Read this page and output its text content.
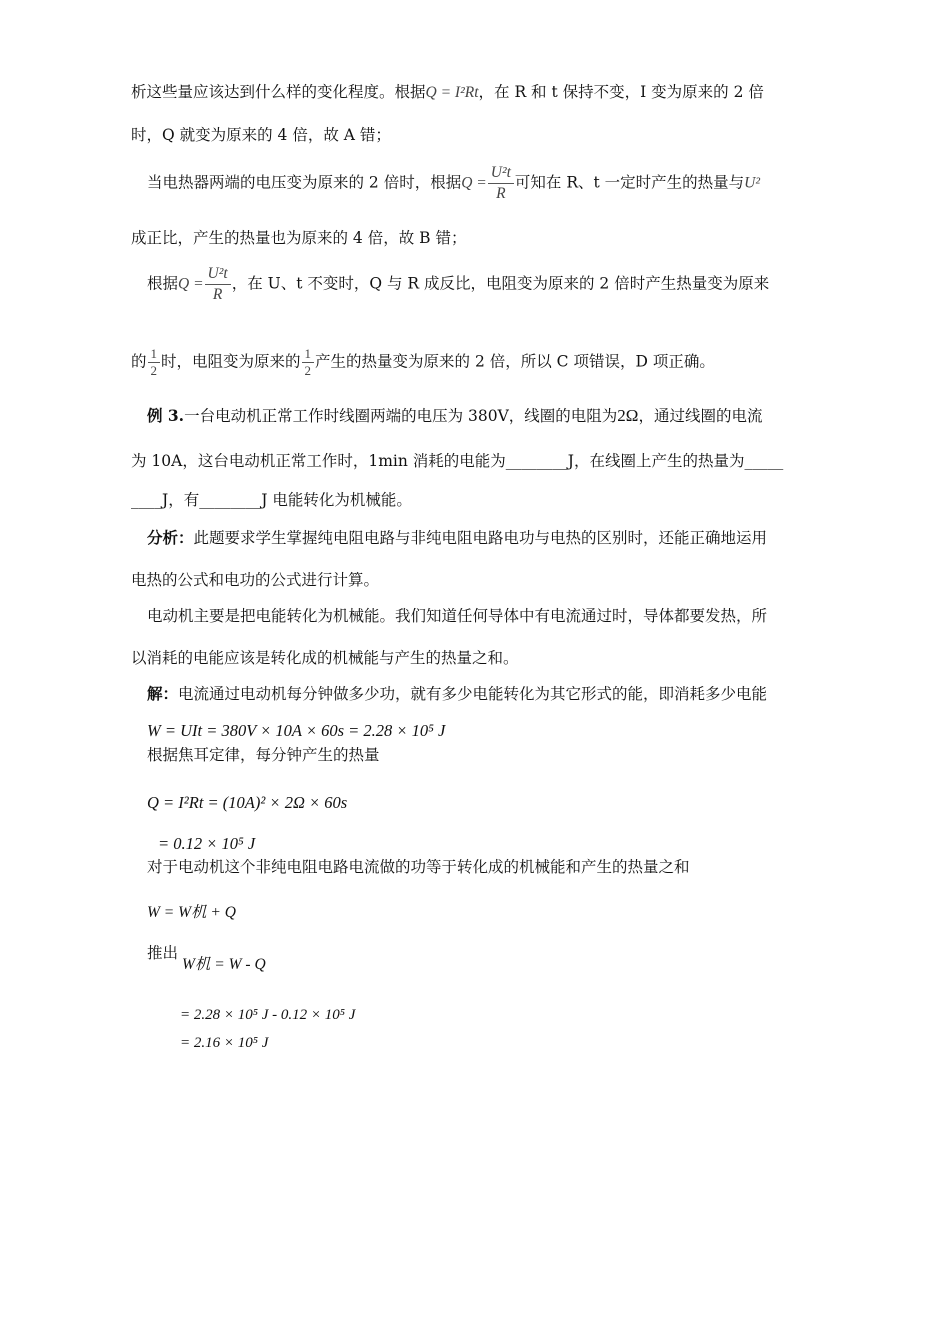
析这些量应该达到什么样的变化程度。根据Q = I²Rt，在 R 和 t 保持不变，I 变为原来的 2 倍
时，Q 就变为原来的 4 倍，故 A 错；
当电热器两端的电压变为原来的 2 倍时，根据$Q = \frac{\text{U²t}}{R}$ 可知在 R、t 一定时产生的热量与U²
成正比，产生的热量也为原来的 4 倍，故 B 错；
根据$Q = \frac{\text{U²t}}{R}$ ，在 U、t 不变时，Q 与 R 成反比，电阻变为原来的 2 倍时产生热量变为原来
的 $\frac{1}{2}$ 时，电阻变为原来的 $\frac{1}{2}$ 产生的热量变为原来的 2 倍，所以 C 项错误，D 项正确。
例 3.一台电动机正常工作时线圈两端的电压为 380V，线圈的电阻为2Ω，通过线圈的电流
为 10A，这台电动机正常工作时，1min 消耗的电能为________J，在线圈上产生的热量为_____
____J，有________J 电能转化为机械能。
分析：此题要求学生掌握纯电阻电路与非纯电阻电路电功与电热的区别时，还能正确地运用
电热的公式和电功的公式进行计算。
电动机主要是把电能转化为机械能。我们知道任何导体中有电流通过时，导体都要发热，所
以消耗的电能应该是转化成的机械能与产生的热量之和。
解：电流通过电动机每分钟做多少功，就有多少电能转化为其它形式的能，即消耗多少电能
W = UIt = 380V × 10A × 60s = 2.28 × 10⁵ J
根据焦耳定律，每分钟产生的热量
Q = I²Rt = (10A)² × 2Ω × 60s
= 0.12 × 10⁵ J
对于电动机这个非纯电阻电路电流做的功等于转化成的机械能和产生的热量之和
W = W机 + Q
推出
W机 = W - Q
= 2.28 × 10⁵ J - 0.12 × 10⁵ J
= 2.16 × 10⁵ J
